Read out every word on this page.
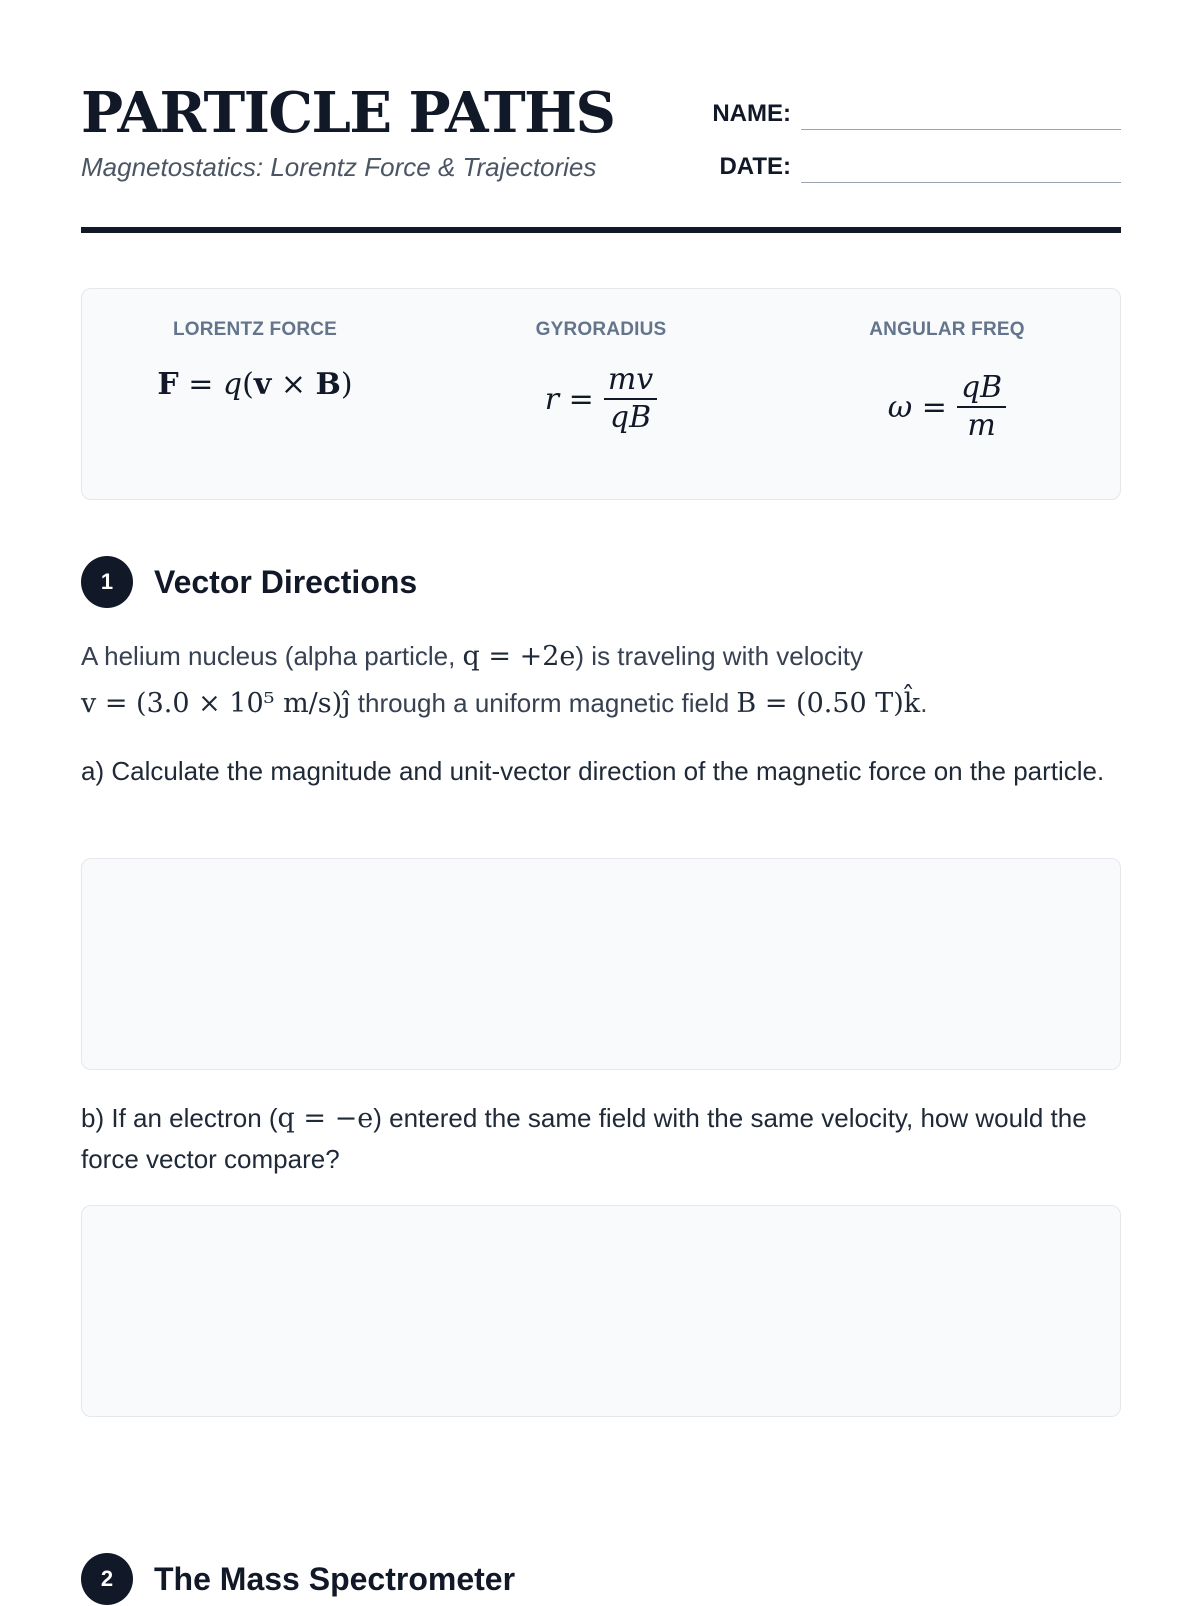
PARTICLE PATHS
Magnetostatics: Lorentz Force & Trajectories
NAME:
DATE:
LORENTZ FORCE
F = q ( v × B )
GYRORADIUS
$r = \frac{mv}{qB}$
ANGULAR FREQ
$\omega = \frac{qB}{m}$
1	Vector Directions
A helium nucleus (alpha particle, q = +2e) is traveling with velocity
v = (3.0 × 10⁵ m/s)ĵ through a uniform magnetic field B = (0.50 T)k̂.
a) Calculate the magnitude and unit-vector direction of the magnetic force on the particle.
b) If an electron (q = −e) entered the same field with the same velocity, how would the force vector compare?
2	The Mass Spectrometer
